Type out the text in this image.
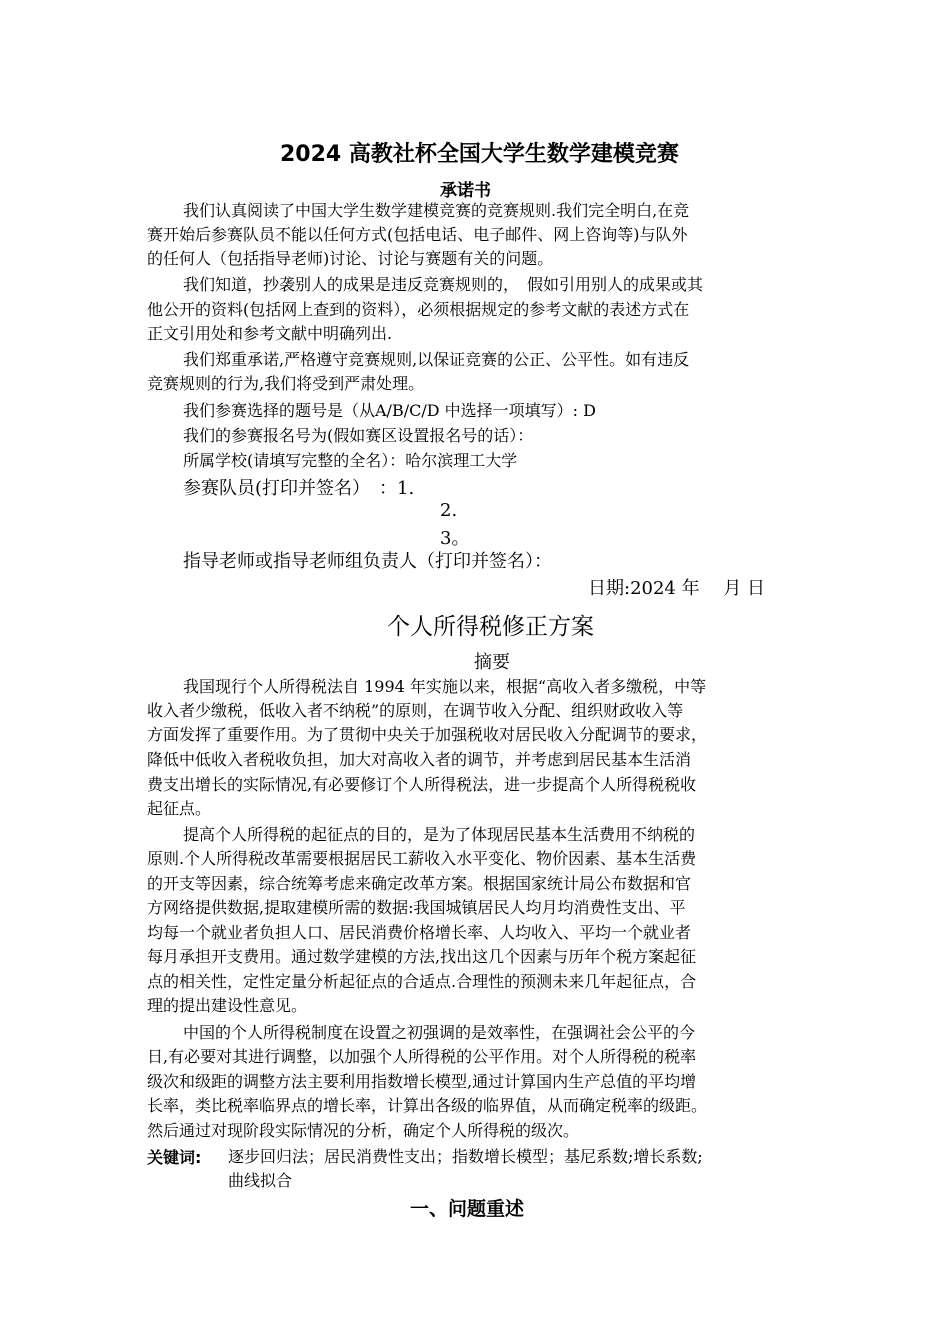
2024 高教社杯全国大学生数学建模竞赛
承诺书
我们认真阅读了中国大学生数学建模竞赛的竞赛规则.我们完全明白,在竞
赛开始后参赛队员不能以任何方式(包括电话、电子邮件、网上咨询等)与队外
的任何人（包括指导老师)讨论、讨论与赛题有关的问题。
我们知道，抄袭别人的成果是违反竞赛规则的，　假如引用别人的成果或其
他公开的资料(包括网上查到的资料），必须根据规定的参考文献的表述方式在
正文引用处和参考文献中明确列出.
我们郑重承诺,严格遵守竞赛规则,以保证竞赛的公正、公平性。如有违反
竞赛规则的行为,我们将受到严肃处理。
我们参赛选择的题号是（从A/B/C/D 中选择一项填写）: D
我们的参赛报名号为(假如赛区设置报名号的话）：
所属学校(请填写完整的全名）：哈尔滨理工大学
参赛队员(打印并签名）　：1.
2.
3。
指导老师或指导老师组负责人（打印并签名）：
日期:2024 年　 月 日
个人所得税修正方案
摘要
我国现行个人所得税法自 1994 年实施以来，根据“高收入者多缴税，中等
收入者少缴税，低收入者不纳税”的原则，在调节收入分配、组织财政收入等
方面发挥了重要作用。为了贯彻中央关于加强税收对居民收入分配调节的要求，
降低中低收入者税收负担，加大对高收入者的调节，并考虑到居民基本生活消
费支出增长的实际情况,有必要修订个人所得税法，进一步提高个人所得税税收
起征点。
提高个人所得税的起征点的目的，是为了体现居民基本生活费用不纳税的
原则.个人所得税改革需要根据居民工薪收入水平变化、物价因素、基本生活费
的开支等因素，综合统筹考虑来确定改革方案。根据国家统计局公布数据和官
方网络提供数据,提取建模所需的数据:我国城镇居民人均月均消费性支出、平
均每一个就业者负担人口、居民消费价格增长率、人均收入、平均一个就业者
每月承担开支费用。通过数学建模的方法,找出这几个因素与历年个税方案起征
点的相关性，定性定量分析起征点的合适点.合理性的预测未来几年起征点，合
理的提出建设性意见。
中国的个人所得税制度在设置之初强调的是效率性，在强调社会公平的今
日,有必要对其进行调整，以加强个人所得税的公平作用。对个人所得税的税率
级次和级距的调整方法主要利用指数增长模型,通过计算国内生产总值的平均增
长率，类比税率临界点的增长率，计算出各级的临界值，从而确定税率的级距。
然后通过对现阶段实际情况的分析，确定个人所得税的级次。
关键词: 逐步回归法；居民消费性支出；指数增长模型；基尼系数;增长系数;
曲线拟合
一、问题重述
